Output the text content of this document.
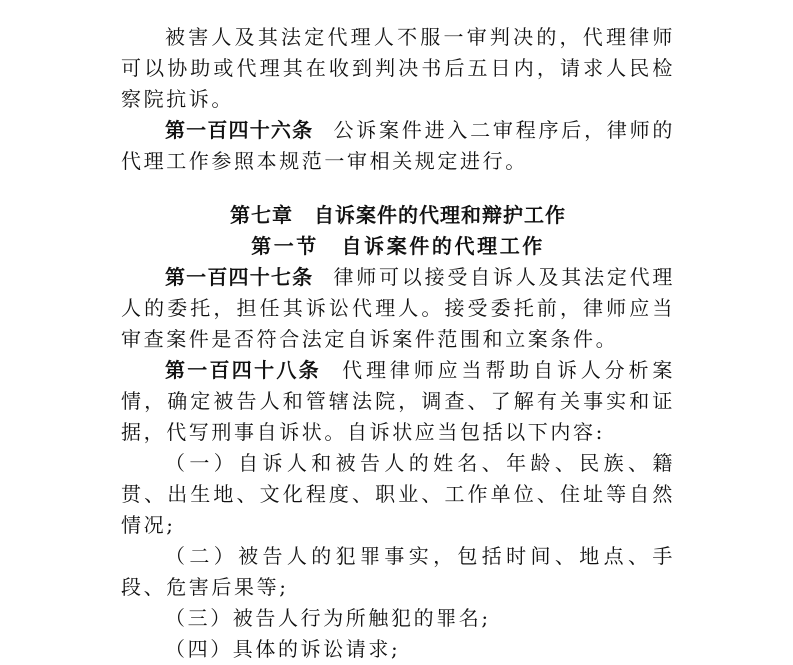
被害人及其法定代理人不服一审判决的，代理律师可以协助或代理其在收到判决书后五日内，请求人民检察院抗诉。

第一百四十六条 公诉案件进入二审程序后，律师的代理工作参照本规范一审相关规定进行。

第七章　自诉案件的代理和辩护工作
第一节　自诉案件的代理工作

第一百四十七条 律师可以接受自诉人及其法定代理人的委托，担任其诉讼代理人。接受委托前，律师应当审查案件是否符合法定自诉案件范围和立案条件。

第一百四十八条 代理律师应当帮助自诉人分析案情，确定被告人和管辖法院，调查、了解有关事实和证据，代写刑事自诉状。自诉状应当包括以下内容:

（一）自诉人和被告人的姓名、年龄、民族、籍贯、出生地、文化程度、职业、工作单位、住址等自然情况;

（二）被告人的犯罪事实，包括时间、地点、手段、危害后果等;

（三）被告人行为所触犯的罪名;

（四）具体的诉讼请求;
